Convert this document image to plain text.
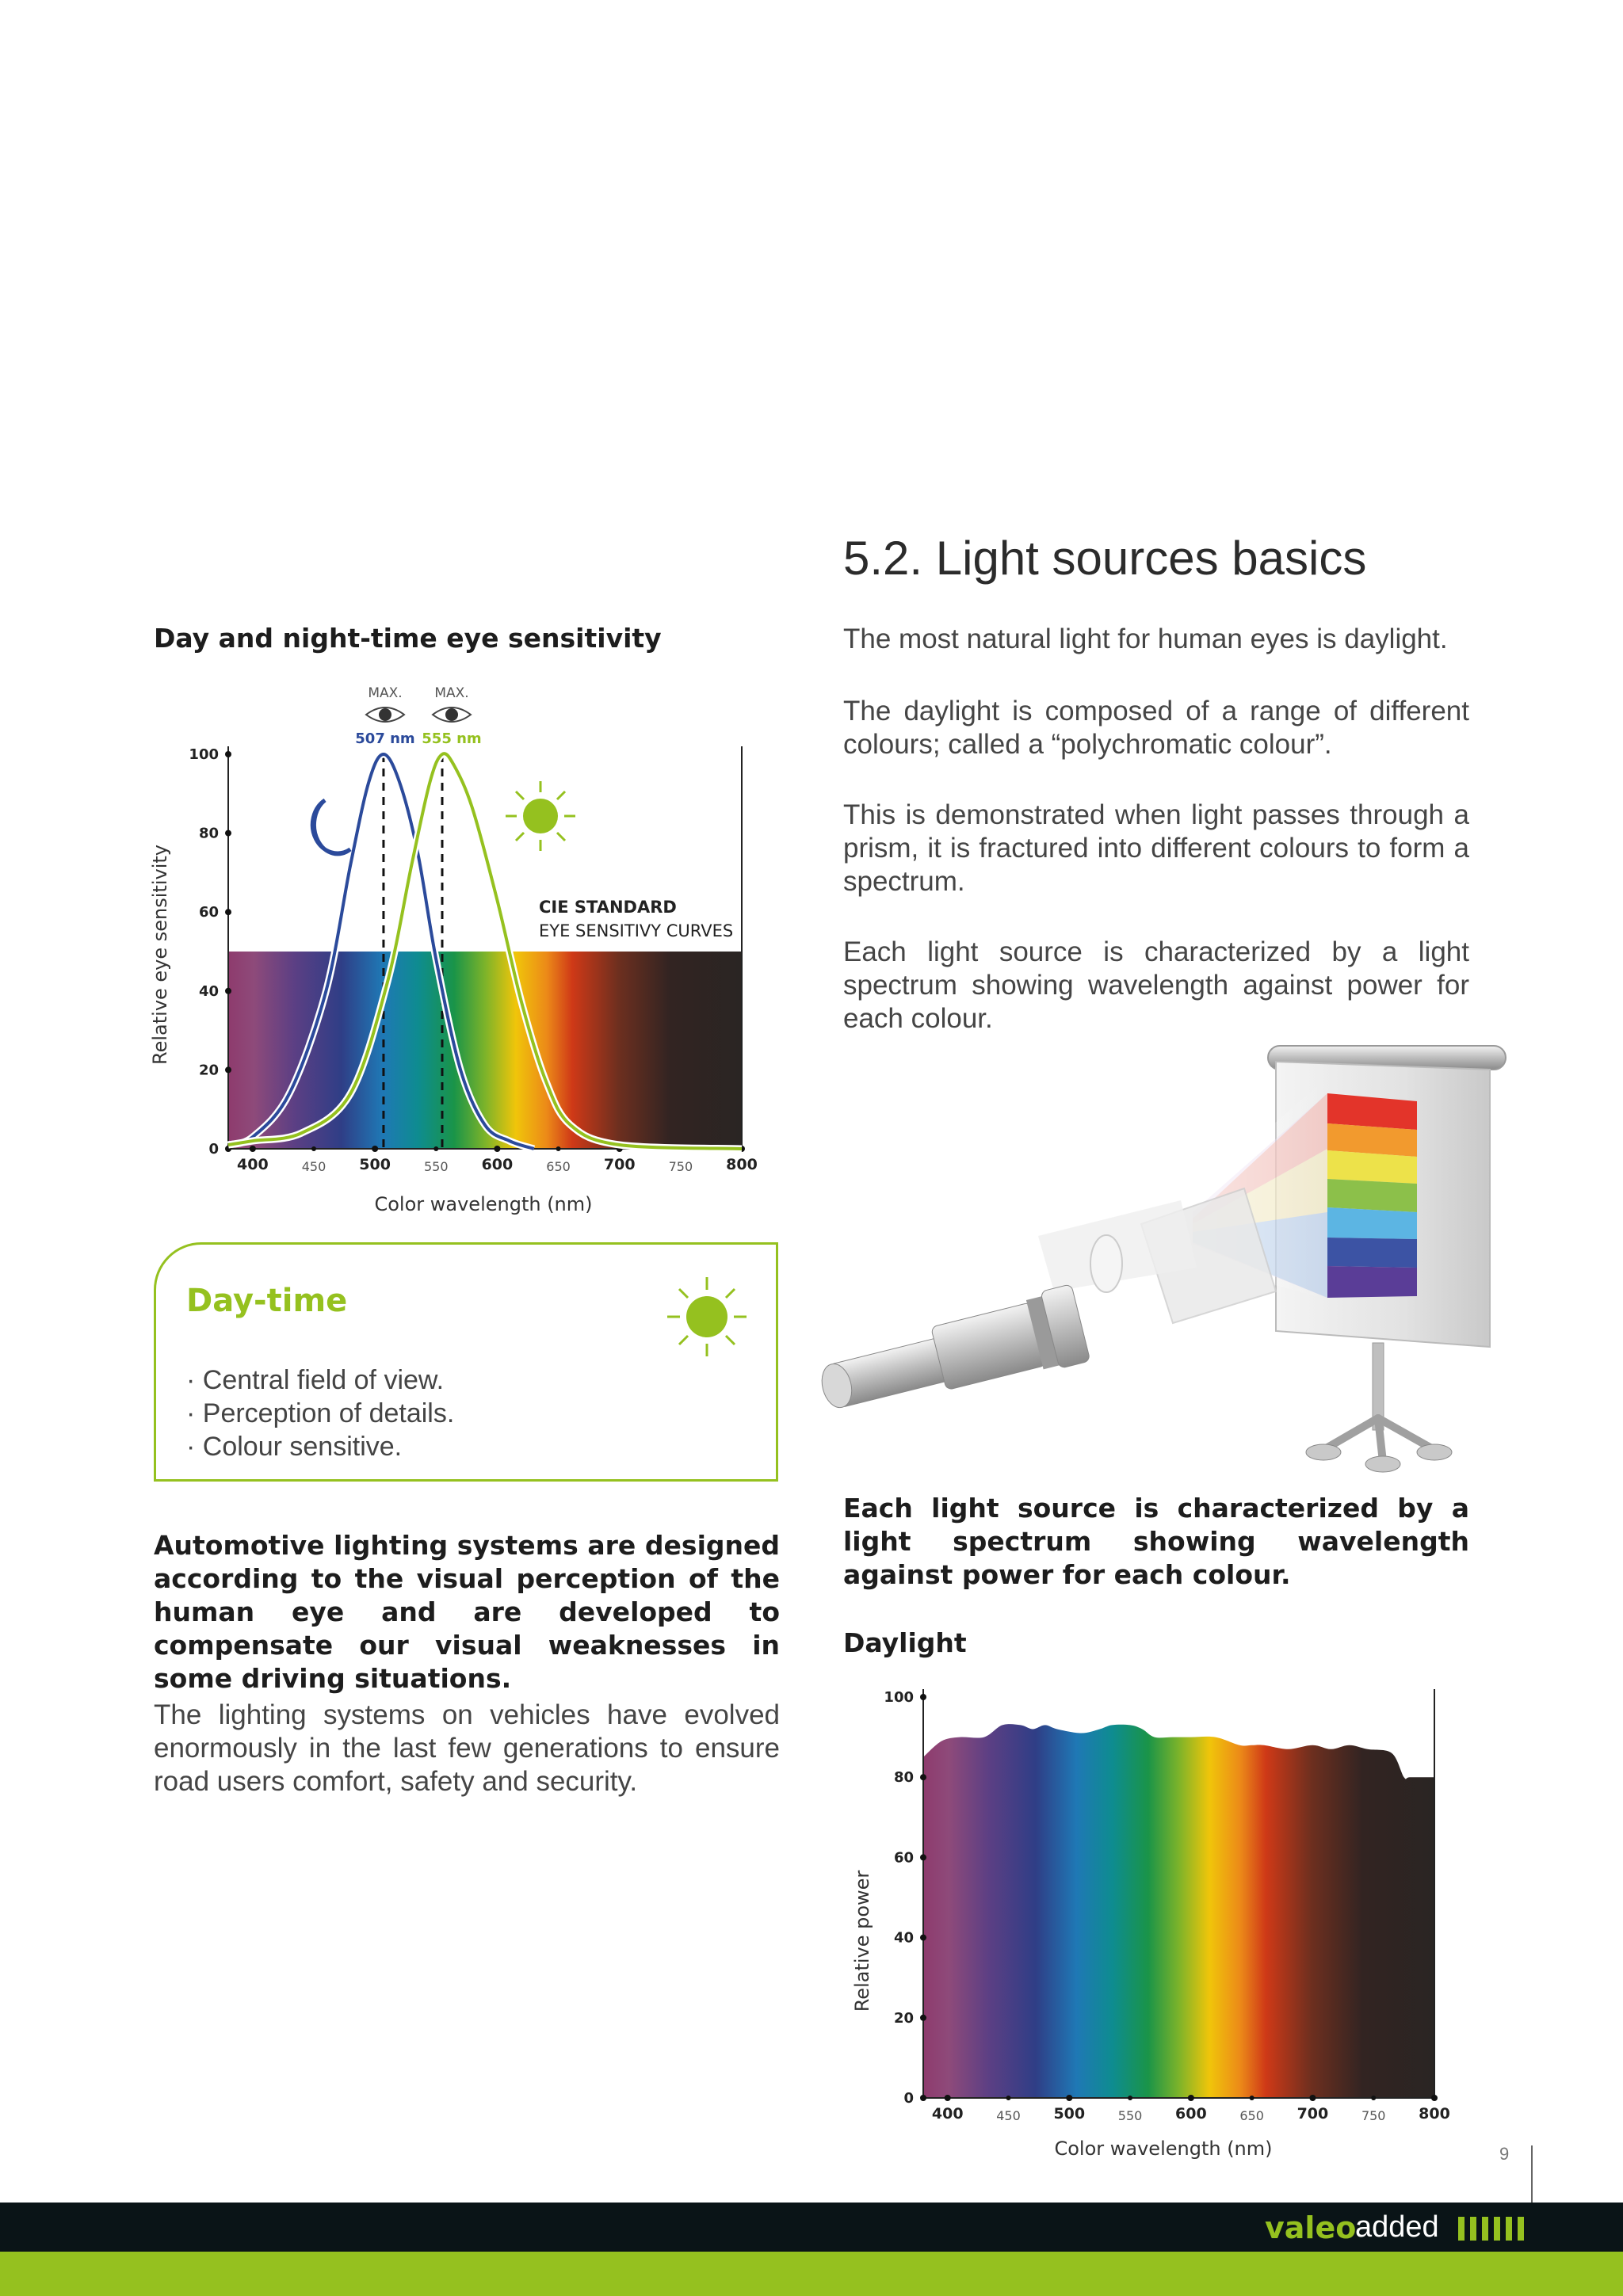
5.2. Light sources basics
The most natural light for human eyes is daylight.
The daylight is composed of a range of different colours; called a “polychromatic colour”.
This is demonstrated when light passes through a prism, it is fractured into different colours to form a spectrum.
Each light source is characterized by a light spectrum showing wavelength against power for each colour.
Each light source is characterized by a light spectrum showing wavelength against power for each colour.
Daylight
Day and night-time eye sensitivity
100
80
60
40
20
0
400	500	600	700	800
450	550	650	750
MAX. MAX.
507 nm 555 nm
CIE STANDARD
EYE SENSITIVY CURVES
Color wavelength (nm)
Relative eye sensitivity
Day-time
· Central field of view.
· Perception of details.
· Colour sensitive.
Automotive lighting systems are designed according to the visual perception of the human eye and are developed to compensate our visual weaknesses in some driving situations.
The lighting systems on vehicles have evolved enormously in the last few generations to ensure road users comfort, safety and security.
100
80
60
40
20
0
400	500	600	700	800
450	550	650	750
Color wavelength (nm)
Relative power
9
valeo
added
